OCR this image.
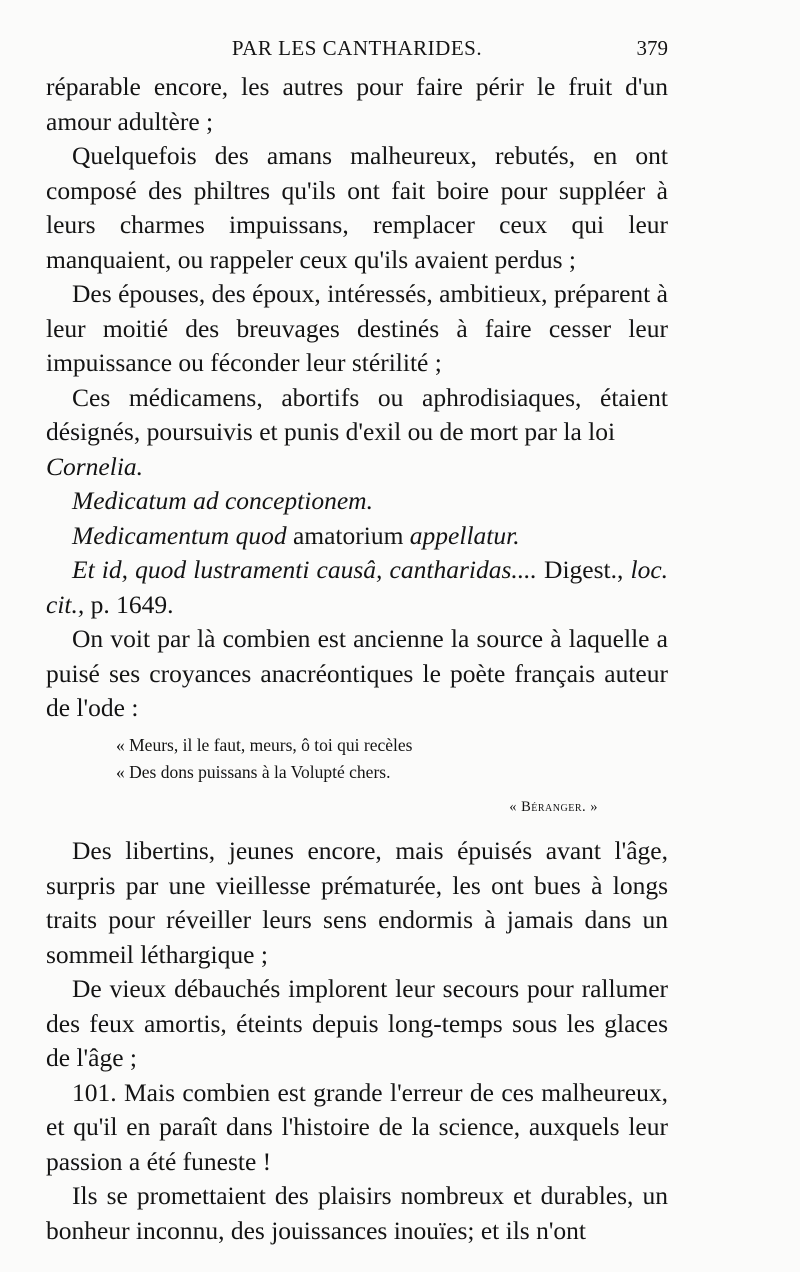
PAR LES CANTHARIDES.	379

réparable encore, les autres pour faire périr le fruit d'un amour adultère ;

Quelquefois des amans malheureux, rebutés, en ont composé des philtres qu'ils ont fait boire pour suppléer à leurs charmes impuissans, remplacer ceux qui leur manquaient, ou rappeler ceux qu'ils avaient perdus ;

Des épouses, des époux, intéressés, ambitieux, préparent à leur moitié des breuvages destinés à faire cesser leur impuissance ou féconder leur stérilité ;

Ces médicamens, abortifs ou aphrodisiaques, étaient désignés, poursuivis et punis d'exil ou de mort par la loi

Cornelia.

Medicatum ad conceptionem.

Medicamentum quod amatorium appellatur.

Et id, quod lustramenti causâ, cantharidas.... Digest., loc. cit., p. 1649.

On voit par là combien est ancienne la source à laquelle a puisé ses croyances anacréontiques le poète français auteur de l'ode :

« Meurs, il le faut, meurs, ô toi qui recèles

« Des dons puissans à la Volupté chers.

« Béranger. »

Des libertins, jeunes encore, mais épuisés avant l'âge, surpris par une vieillesse prématurée, les ont bues à longs traits pour réveiller leurs sens endormis à jamais dans un sommeil léthargique ;

De vieux débauchés implorent leur secours pour rallumer des feux amortis, éteints depuis long-temps sous les glaces de l'âge ;

101. Mais combien est grande l'erreur de ces malheureux, et qu'il en paraît dans l'histoire de la science, auxquels leur passion a été funeste !

Ils se promettaient des plaisirs nombreux et durables, un bonheur inconnu, des jouissances inouïes; et ils n'ont
